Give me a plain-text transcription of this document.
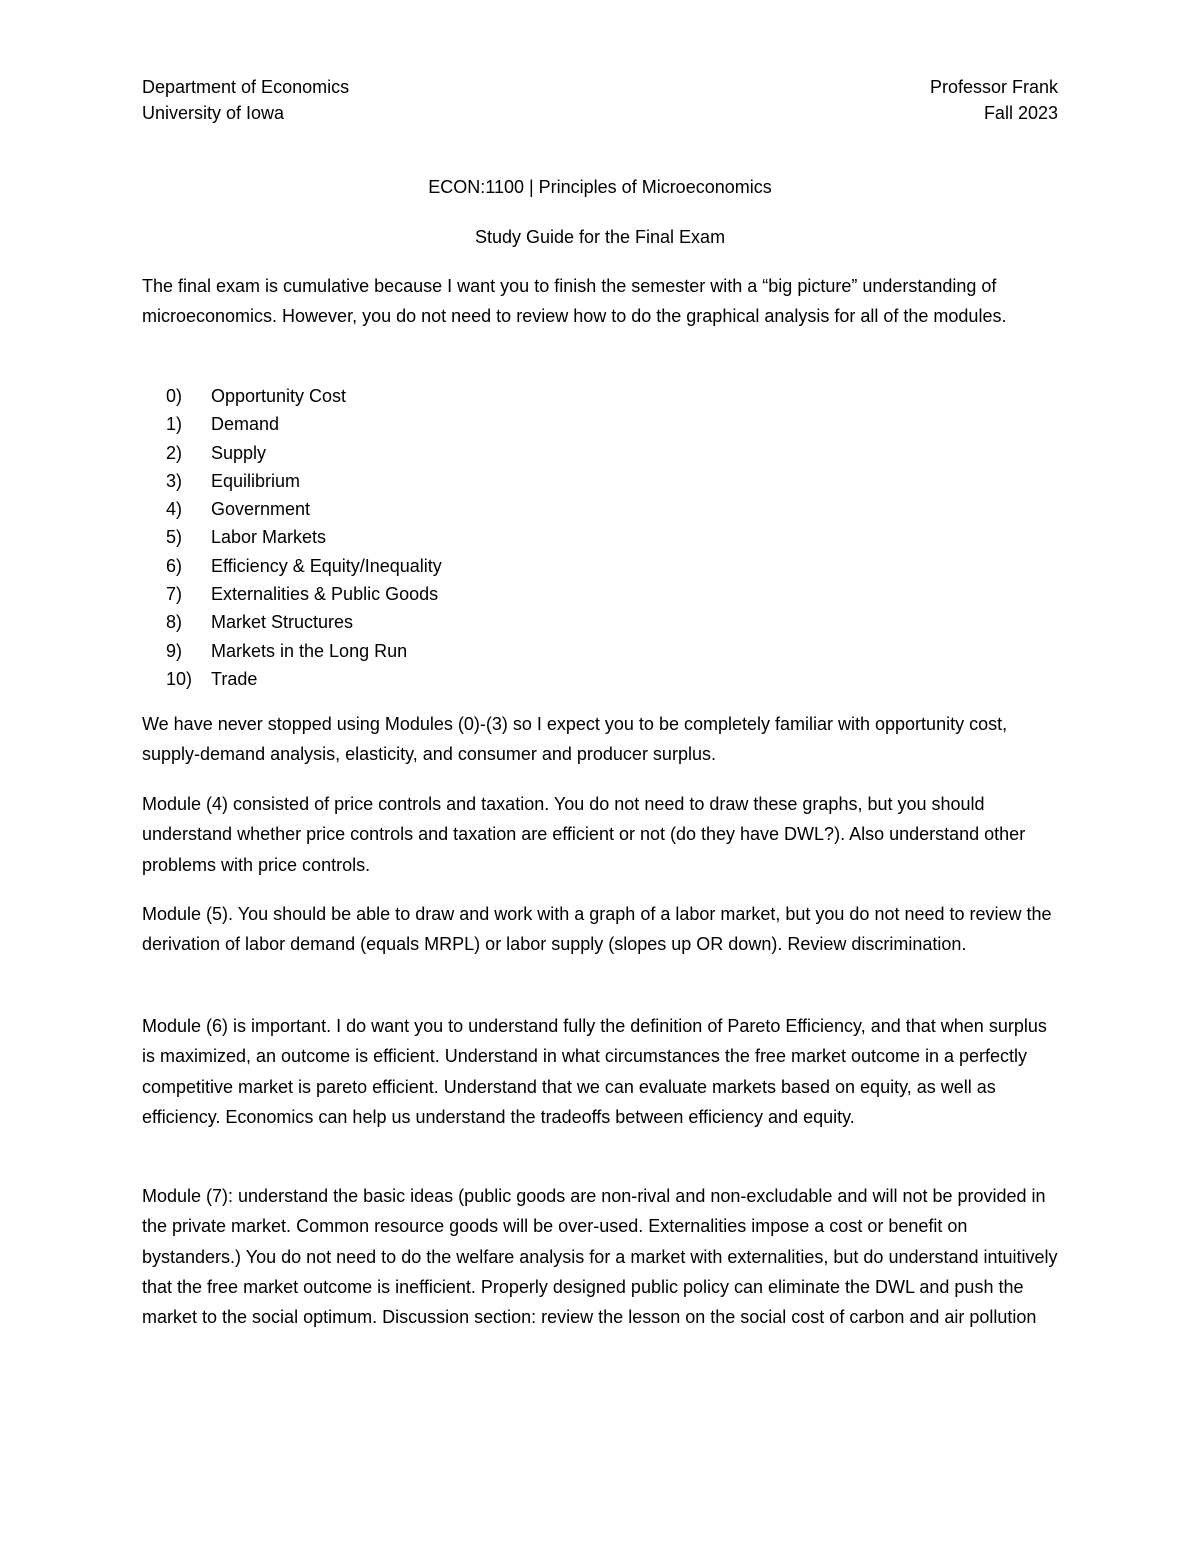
Department of Economics
University of Iowa
Professor Frank
Fall 2023
ECON:1100 | Principles of Microeconomics
Study Guide for the Final Exam

The final exam is cumulative because I want you to finish the semester with a “big picture” understanding of microeconomics. However, you do not need to review how to do the graphical analysis for all of the modules.

0)	Opportunity Cost
1)	Demand
2)	Supply
3)	Equilibrium
4)	Government
5)	Labor Markets
6)	Efficiency & Equity/Inequality
7)	Externalities & Public Goods
8)	Market Structures
9)	Markets in the Long Run
10)	Trade

We have never stopped using Modules (0)-(3) so I expect you to be completely familiar with opportunity cost, supply-demand analysis, elasticity, and consumer and producer surplus.

Module (4) consisted of price controls and taxation. You do not need to draw these graphs, but you should understand whether price controls and taxation are efficient or not (do they have DWL?). Also understand other problems with price controls.

Module (5). You should be able to draw and work with a graph of a labor market, but you do not need to review the derivation of labor demand (equals MRPL) or labor supply (slopes up OR down). Review discrimination.

Module (6) is important. I do want you to understand fully the definition of Pareto Efficiency, and that when surplus is maximized, an outcome is efficient. Understand in what circumstances the free market outcome in a perfectly competitive market is pareto efficient. Understand that we can evaluate markets based on equity, as well as efficiency. Economics can help us understand the tradeoffs between efficiency and equity.

Module (7): understand the basic ideas (public goods are non-rival and non-excludable and will not be provided in the private market. Common resource goods will be over-used. Externalities impose a cost or benefit on bystanders.) You do not need to do the welfare analysis for a market with externalities, but do understand intuitively that the free market outcome is inefficient. Properly designed public policy can eliminate the DWL and push the market to the social optimum. Discussion section: review the lesson on the social cost of carbon and air pollution
